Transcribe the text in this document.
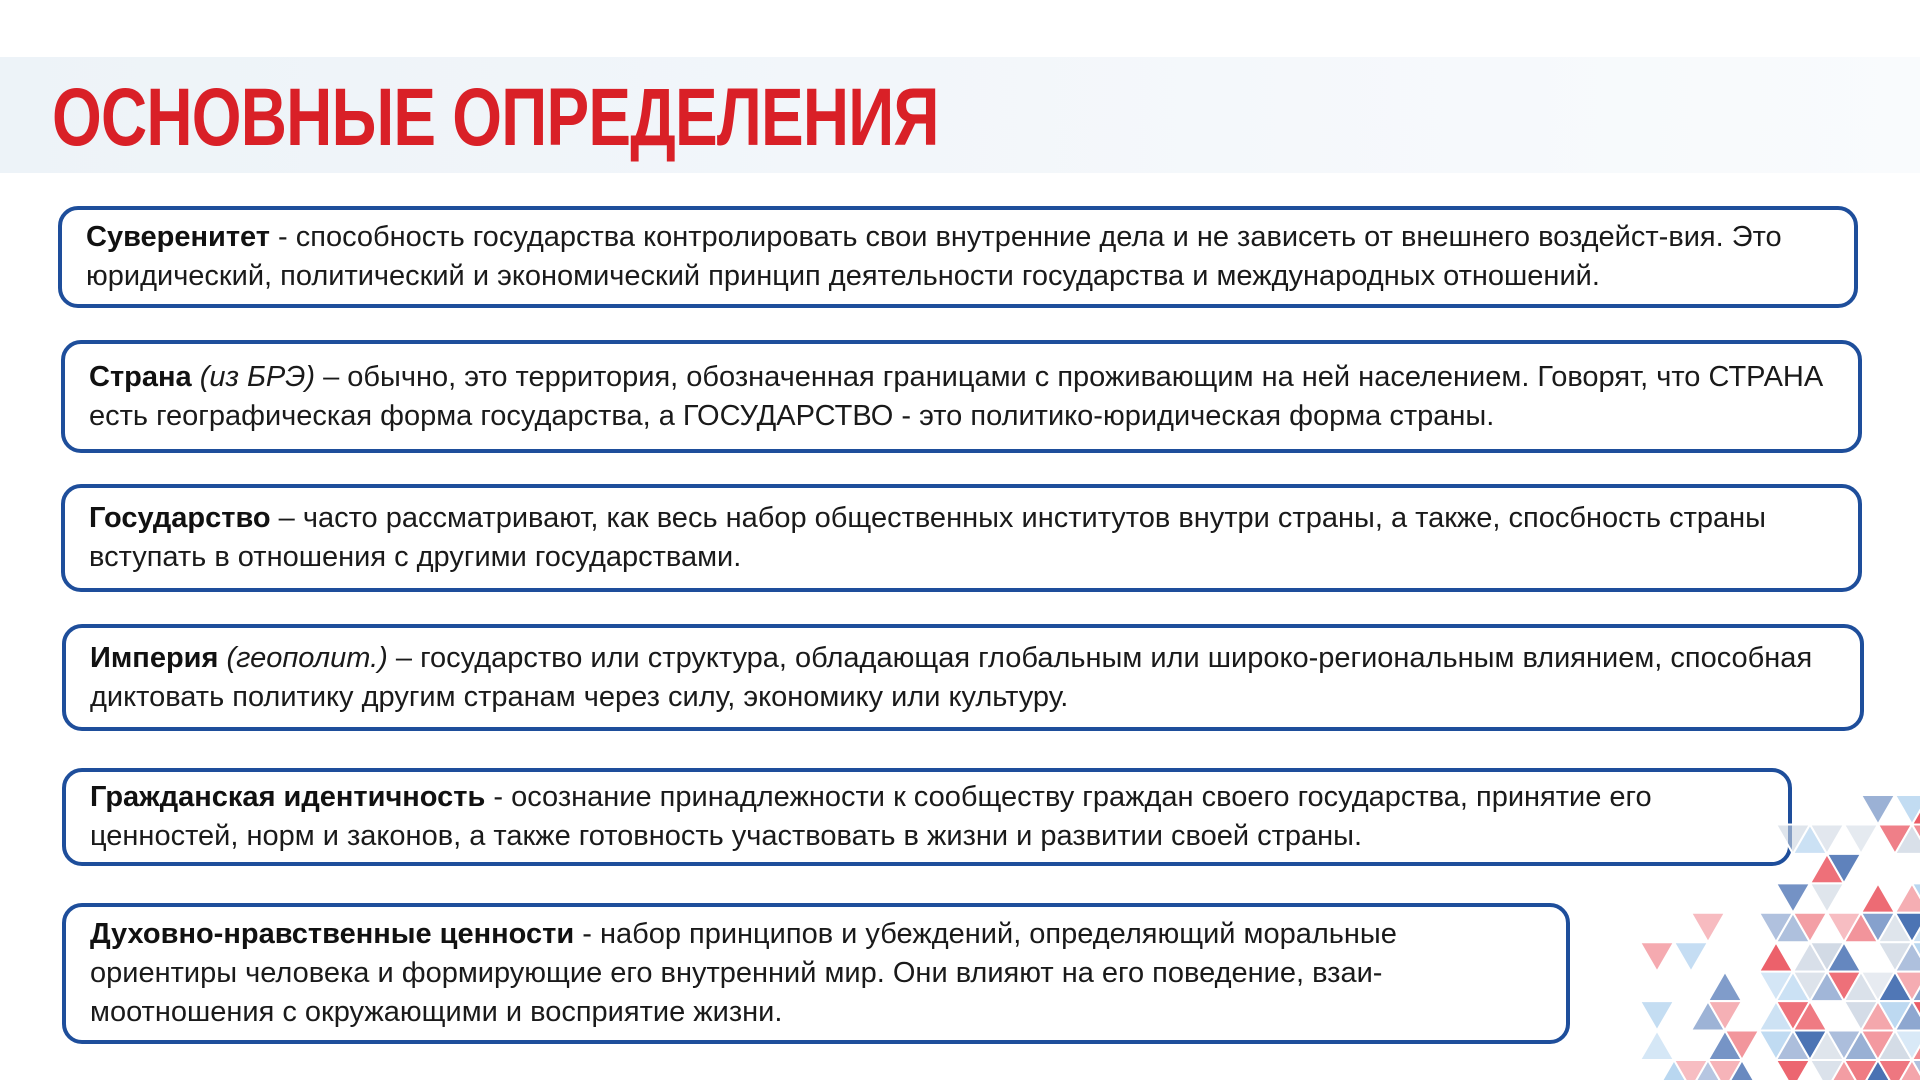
ОСНОВНЫЕ ОПРЕДЕЛЕНИЯ

Суверенитет - способность государства контролировать свои внутренние дела и не зависеть от внешнего воздейст-вия. Это юридический, политический и экономический принцип деятельности государства и международных отношений.

Страна (из БРЭ) – обычно, это территория, обозначенная границами с проживающим на ней населением. Говорят, что СТРАНА есть географическая форма государства, а ГОСУДАРСТВО - это политико-юридическая форма страны.

Государство – часто рассматривают, как весь набор общественных институтов внутри страны, а также, спосбность страны вступать в отношения с другими государствами.

Империя (геополит.) – государство или структура, обладающая глобальным или широко-региональным влиянием, способная диктовать политику другим странам через силу, экономику или культуру.

Гражданская идентичность - осознание принадлежности к сообществу граждан своего государства, принятие его ценностей, норм и законов, а также готовность участвовать в жизни и развитии своей страны.

Духовно-нравственные ценности - набор принципов и убеждений, определяющий моральные ориентиры человека и формирующие его внутренний мир. Они влияют на его поведение, взаи-моотношения с окружающими и восприятие жизни.
